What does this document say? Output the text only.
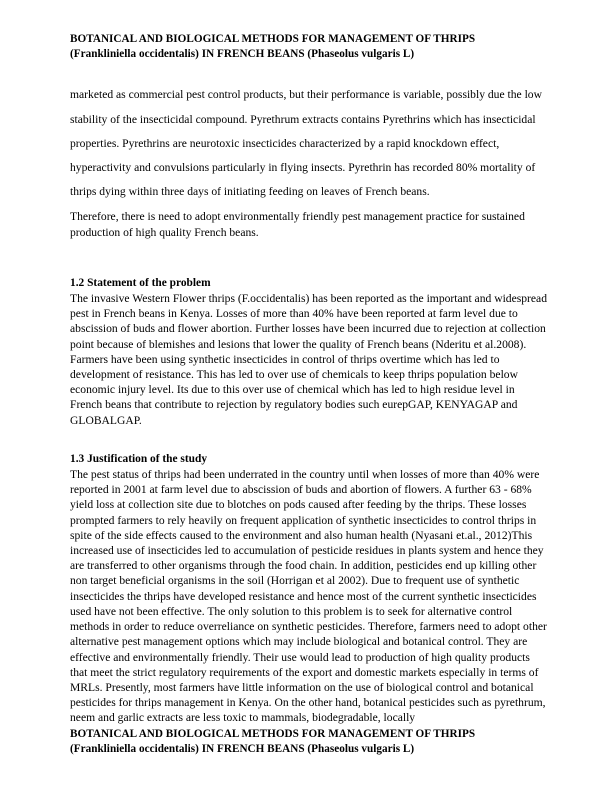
BOTANICAL AND BIOLOGICAL METHODS FOR MANAGEMENT OF THRIPS
(Frankliniella occidentalis) IN FRENCH BEANS (Phaseolus vulgaris L)

marketed as commercial pest control products, but their performance is variable, possibly due the low stability of the insecticidal compound. Pyrethrum extracts contains Pyrethrins which has insecticidal properties. Pyrethrins are neurotoxic insecticides characterized by a rapid knockdown effect, hyperactivity and convulsions particularly in flying insects. Pyrethrin has recorded 80% mortality of thrips dying within three days of initiating feeding on leaves of French beans.

Therefore, there is need to adopt environmentally friendly pest management practice for sustained production of high quality French beans.

1.2 Statement of the problem

The invasive Western Flower thrips (F.occidentalis) has been reported as the important and widespread pest in French beans in Kenya. Losses of more than 40% have been reported at farm level due to abscission of buds and flower abortion. Further losses have been incurred due to rejection at collection point because of blemishes and lesions that lower the quality of French beans (Nderitu et al.2008). Farmers have been using synthetic insecticides in control of thrips overtime which has led to development of resistance. This has led to over use of chemicals to keep thrips population below economic injury level. Its due to this over use of chemical which has led to high residue level in French beans that contribute to rejection by regulatory bodies such eurepGAP, KENYAGAP and GLOBALGAP.

1.3 Justification of the study

The pest status of thrips had been underrated in the country until when losses of more than 40% were reported in 2001 at farm level due to abscission of buds and abortion of flowers. A further 63 - 68% yield loss at collection site due to blotches on pods caused after feeding by the thrips. These losses prompted farmers to rely heavily on frequent application of synthetic insecticides to control thrips in spite of the side effects caused to the environment and also human health (Nyasani et.al., 2012)This increased use of insecticides led to accumulation of pesticide residues in plants system and hence they are transferred to other organisms through the food chain. In addition, pesticides end up killing other non target beneficial organisms in the soil (Horrigan et al 2002). Due to frequent use of synthetic insecticides the thrips have developed resistance and hence most of the current synthetic insecticides used have not been effective. The only solution to this problem is to seek for alternative control methods in order to reduce overreliance on synthetic pesticides. Therefore, farmers need to adopt other alternative pest management options which may include biological and botanical control. They are effective and environmentally friendly. Their use would lead to production of high quality products that meet the strict regulatory requirements of the export and domestic markets especially in terms of MRLs. Presently, most farmers have little information on the use of biological control and botanical pesticides for thrips management in Kenya. On the other hand, botanical pesticides such as pyrethrum, neem and garlic extracts are less toxic to mammals, biodegradable, locally

BOTANICAL AND BIOLOGICAL METHODS FOR MANAGEMENT OF THRIPS
(Frankliniella occidentalis) IN FRENCH BEANS (Phaseolus vulgaris L)
